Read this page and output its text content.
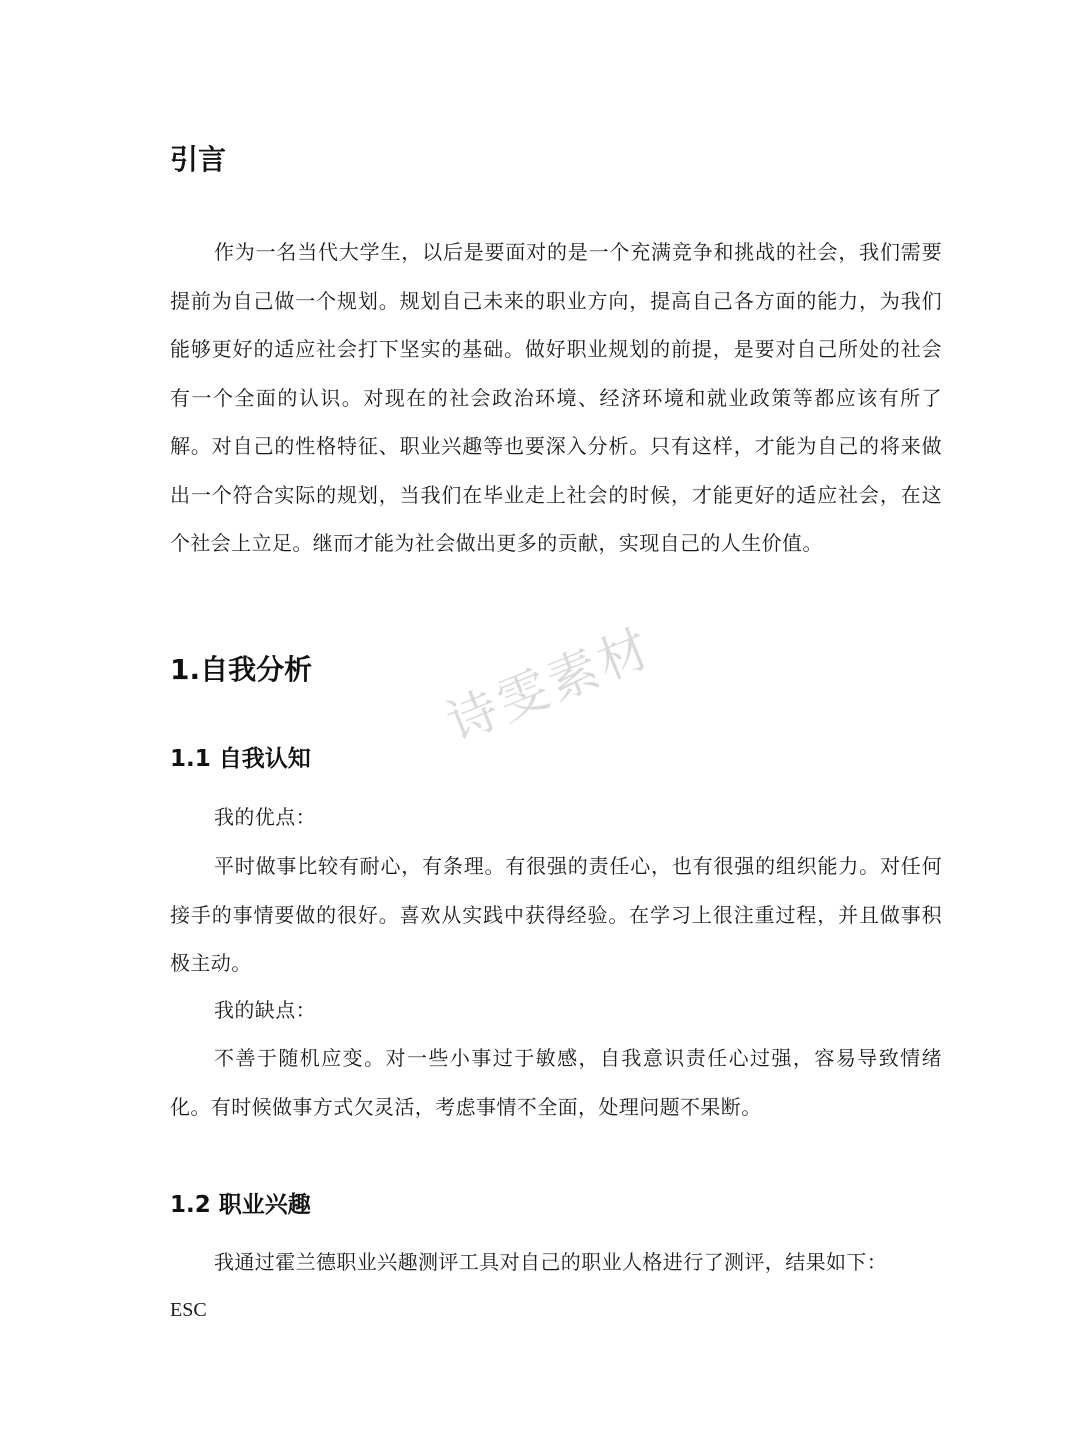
引言

作为一名当代大学生，以后是要面对的是一个充满竞争和挑战的社会，我们需要提前为自己做一个规划。规划自己未来的职业方向，提高自己各方面的能力，为我们能够更好的适应社会打下坚实的基础。做好职业规划的前提，是要对自己所处的社会有一个全面的认识。对现在的社会政治环境、经济环境和就业政策等都应该有所了解。对自己的性格特征、职业兴趣等也要深入分析。只有这样，才能为自己的将来做出一个符合实际的规划，当我们在毕业走上社会的时候，才能更好的适应社会，在这个社会上立足。继而才能为社会做出更多的贡献，实现自己的人生价值。

诗雯素材
1.自我分析
1.1 自我认知

我的优点：

平时做事比较有耐心，有条理。有很强的责任心，也有很强的组织能力。对任何接手的事情要做的很好。喜欢从实践中获得经验。在学习上很注重过程，并且做事积极主动。

我的缺点：

不善于随机应变。对一些小事过于敏感，自我意识责任心过强，容易导致情绪化。有时候做事方式欠灵活，考虑事情不全面，处理问题不果断。

1.2 职业兴趣

我通过霍兰德职业兴趣测评工具对自己的职业人格进行了测评，结果如下：

ESC
